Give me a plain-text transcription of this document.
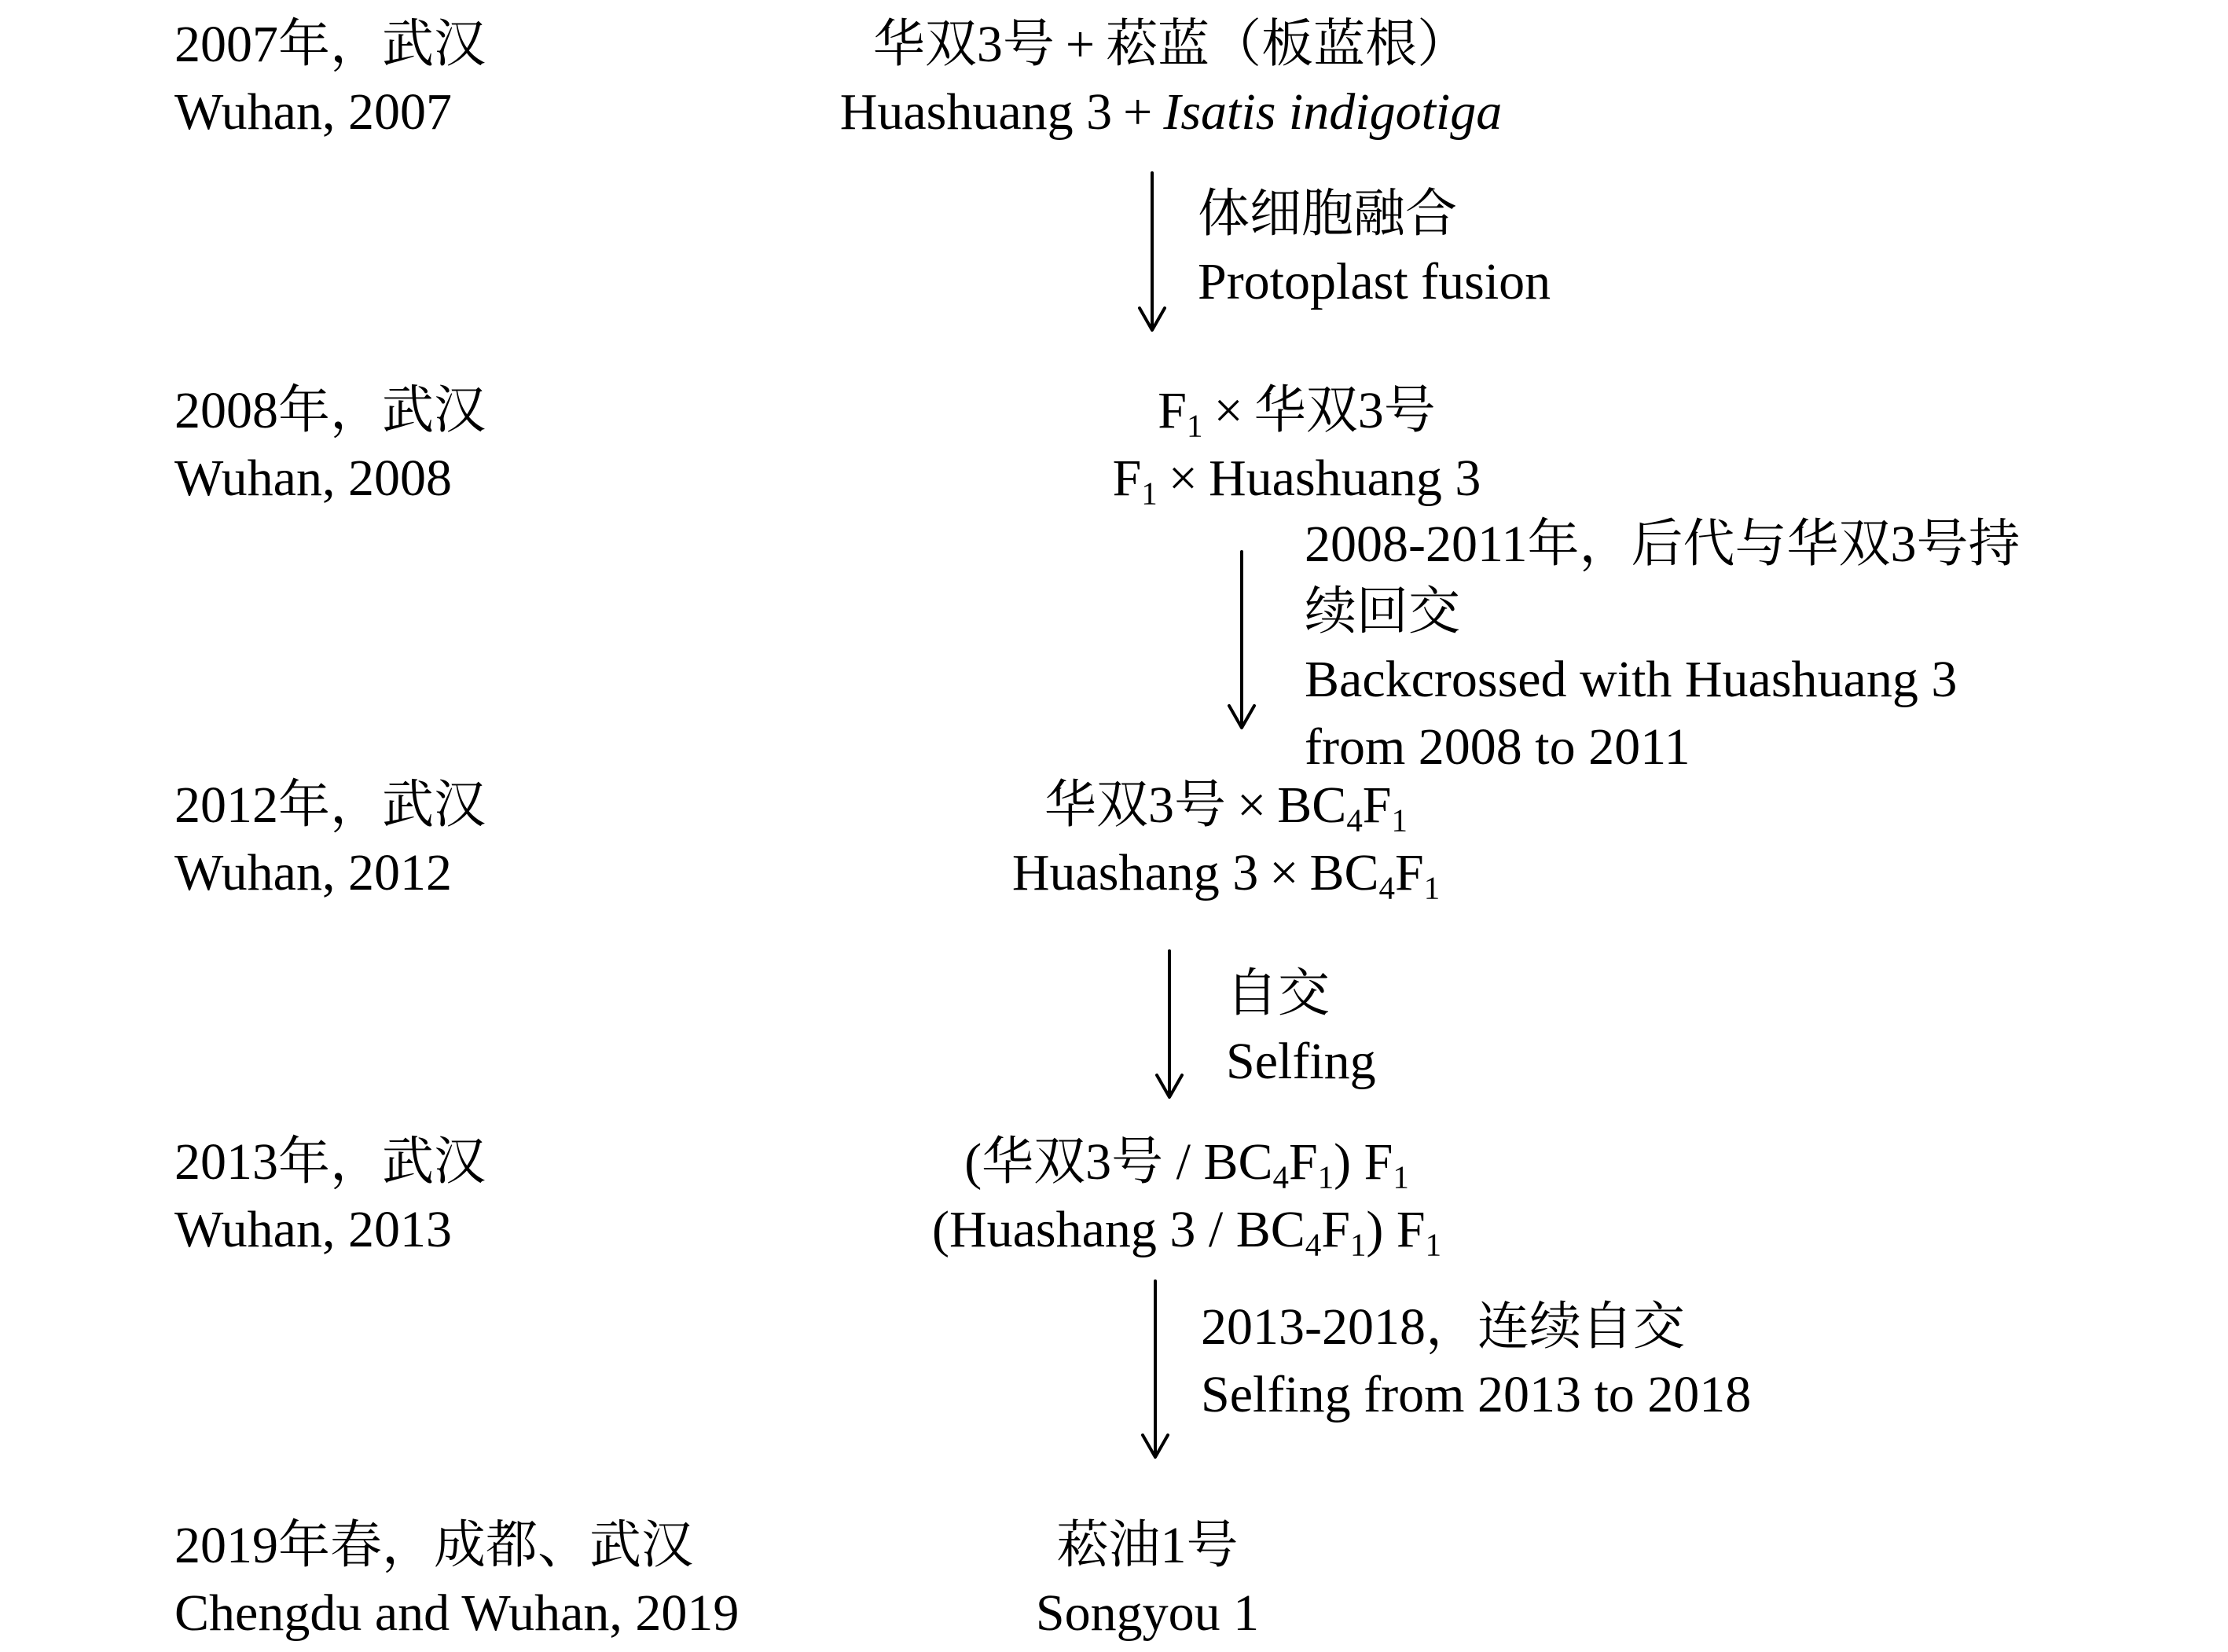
2007年，武汉
Wuhan, 2007
2008年，武汉
Wuhan, 2008
2012年，武汉
Wuhan, 2012
2013年，武汉
Wuhan, 2013
2019年春，成都、武汉
Chengdu and Wuhan, 2019
华双3号 + 菘蓝（板蓝根）
Huashuang 3+Isatis indigotiga
$F_1$ × 华双3号
$F_1$ × Huashuang 3
华双3号 × $BC_4F_1$
Huashang $3 \times BC_4F_1$
(华双3号 / $BC_4F_1$) $F_1$
(Huashang $3 / BC_4F_1$) $F_1$
菘油1号
Songyou 1
体细胞融合
Protoplast fusion
2008-2011年，后代与华双3号持
续回交
Backcrossed with Huashuang 3
from 2008 to 2011
自交
Selfing
2013-2018，连续自交
Selfing from 2013 to 2018
